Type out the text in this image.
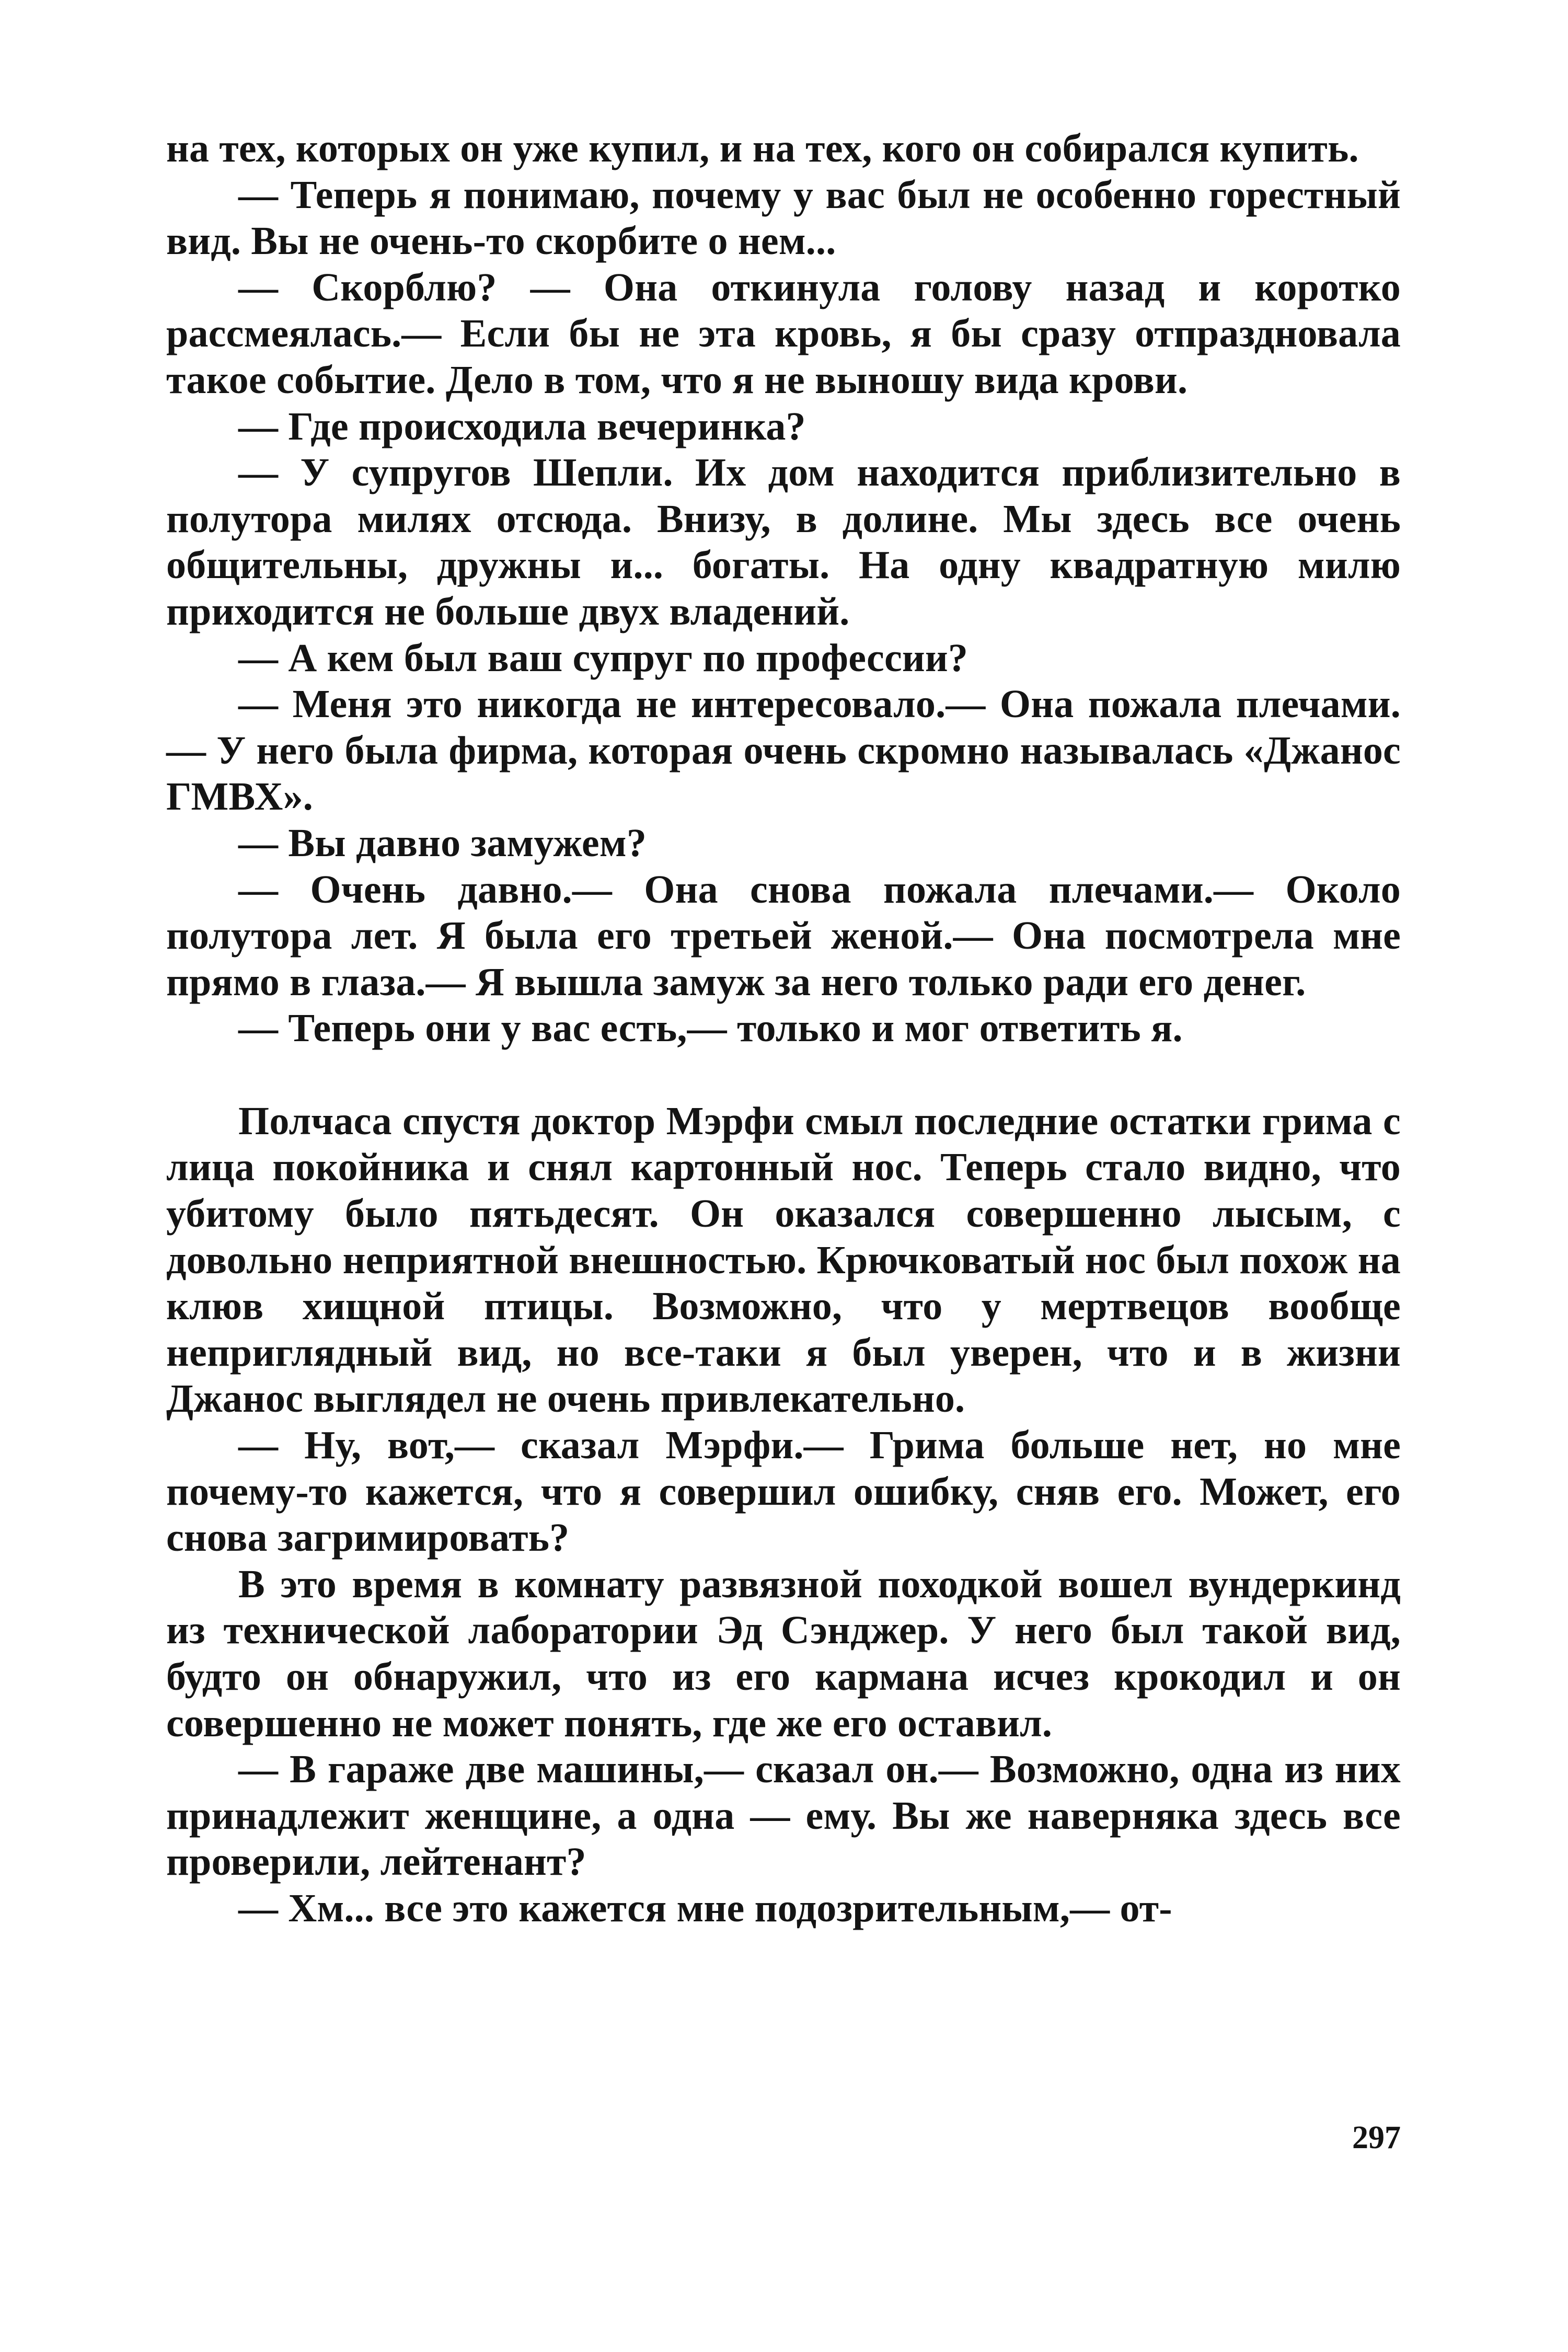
на тех, которых он уже купил, и на тех, кого он собирался купить.

— Теперь я понимаю, почему у вас был не особенно горестный вид. Вы не очень-то скорбите о нем...

— Скорблю? — Она откинула голову назад и коротко рассмеялась.— Если бы не эта кровь, я бы сразу отпраздновала такое событие. Дело в том, что я не выношу вида крови.

— Где происходила вечеринка?

— У супругов Шепли. Их дом находится приблизительно в полутора милях отсюда. Внизу, в долине. Мы здесь все очень общительны, дружны и... богаты. На одну квадратную милю приходится не больше двух владений.

— А кем был ваш супруг по профессии?

— Меня это никогда не интересовало.— Она пожала плечами.— У него была фирма, которая очень скромно называлась «Джанос ГМВХ».

— Вы давно замужем?

— Очень давно.— Она снова пожала плечами.— Около полутора лет. Я была его третьей женой.— Она посмотрела мне прямо в глаза.— Я вышла замуж за него только ради его денег.

— Теперь они у вас есть,— только и мог ответить я.

Полчаса спустя доктор Мэрфи смыл последние остатки грима с лица покойника и снял картонный нос. Теперь стало видно, что убитому было пятьдесят. Он оказался совершенно лысым, с довольно неприятной внешностью. Крючковатый нос был похож на клюв хищной птицы. Возможно, что у мертвецов вообще неприглядный вид, но все-таки я был уверен, что и в жизни Джанос выглядел не очень привлекательно.

— Ну, вот,— сказал Мэрфи.— Грима больше нет, но мне почему-то кажется, что я совершил ошибку, сняв его. Может, его снова загримировать?

В это время в комнату развязной походкой вошел вундеркинд из технической лаборатории Эд Сэнджер. У него был такой вид, будто он обнаружил, что из его кармана исчез крокодил и он совершенно не может понять, где же его оставил.

— В гараже две машины,— сказал он.— Возможно, одна из них принадлежит женщине, а одна — ему. Вы же наверняка здесь все проверили, лейтенант?

— Хм... все это кажется мне подозрительным,— от-

297
